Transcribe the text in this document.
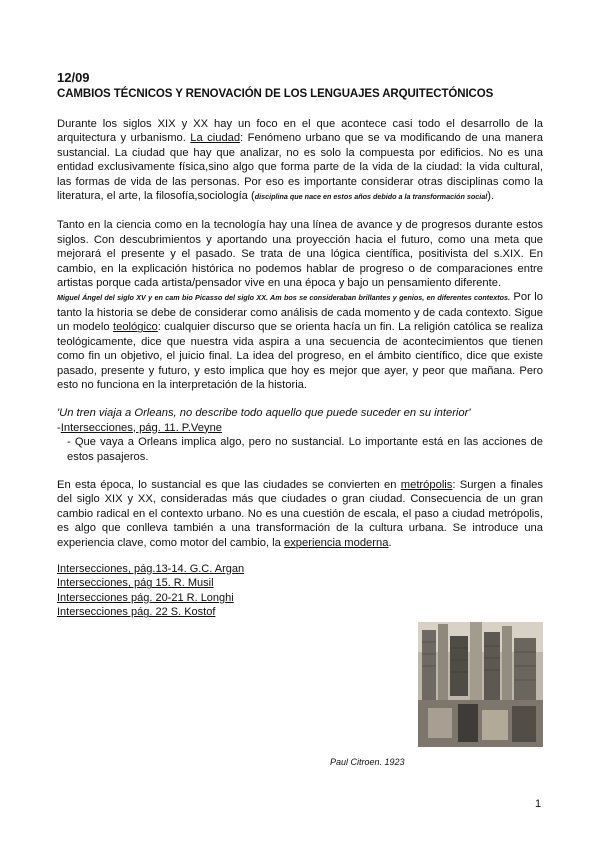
12/09

CAMBIOS TÉCNICOS Y RENOVACIÓN DE LOS LENGUAJES ARQUITECTÓNICOS

Durante los siglos XIX y XX hay un foco en el que acontece casi todo el desarrollo de la arquitectura y urbanismo. La ciudad: Fenómeno urbano que se va modificando de una manera sustancial. La ciudad que hay que analizar, no es solo la compuesta por edificios. No es una entidad exclusivamente física,sino algo que forma parte de la vida de la ciudad: la vida cultural, las formas de vida de las personas. Por eso es importante considerar otras disciplinas como la literatura, el arte, la filosofía,sociología (disciplina que nace en estos años debido a la transformación social).

Tanto en la ciencia como en la tecnología hay una línea de avance y de progresos durante estos siglos. Con descubrimientos y aportando una proyección hacia el futuro, como una meta que mejorará el presente y el pasado. Se trata de una lógica científica, positivista del s.XIX. En cambio, en la explicación histórica no podemos hablar de progreso o de comparaciones entre artistas porque cada artista/pensador vive en una época y bajo un pensamiento diferente.

Miguel Ángel del siglo XV y en cam bio Picasso del siglo XX. Am bos se consideraban brillantes y genios, en diferentes contextos. Por lo tanto la historia se debe de considerar como análisis de cada momento y de cada contexto. Sigue un modelo teológico: cualquier discurso que se orienta hacía un fin. La religión católica se realiza teológicamente, dice que nuestra vida aspira a una secuencia de acontecimientos que tienen como fin un objetivo, el juicio final. La idea del progreso, en el ámbito científico, dice que existe pasado, presente y futuro, y esto implica que hoy es mejor que ayer, y peor que mañana. Pero esto no funciona en la interpretación de la historia.

'Un tren viaja a Orleans, no describe todo aquello que puede suceder en su interior'

-Intersecciones, pág. 11. P.Veyne

- Que vaya a Orleans implica algo, pero no sustancial. Lo importante está en las acciones de estos pasajeros.

En esta época, lo sustancial es que las ciudades se convierten en metrópolis: Surgen a finales del siglo XIX y XX, consideradas más que ciudades o gran ciudad. Consecuencia de un gran cambio radical en el contexto urbano. No es una cuestión de escala, el paso a ciudad metrópolis, es algo que conlleva también a una transformación de la cultura urbana. Se introduce una experiencia clave, como motor del cambio, la experiencia moderna.

Intersecciones, pág.13-14. G.C. Argan
Intersecciones, pág 15. R. Musil
Intersecciones pág. 20-21 R. Longhi
Intersecciones pág. 22 S. Kostof
Paul Citroen. 1923
1
